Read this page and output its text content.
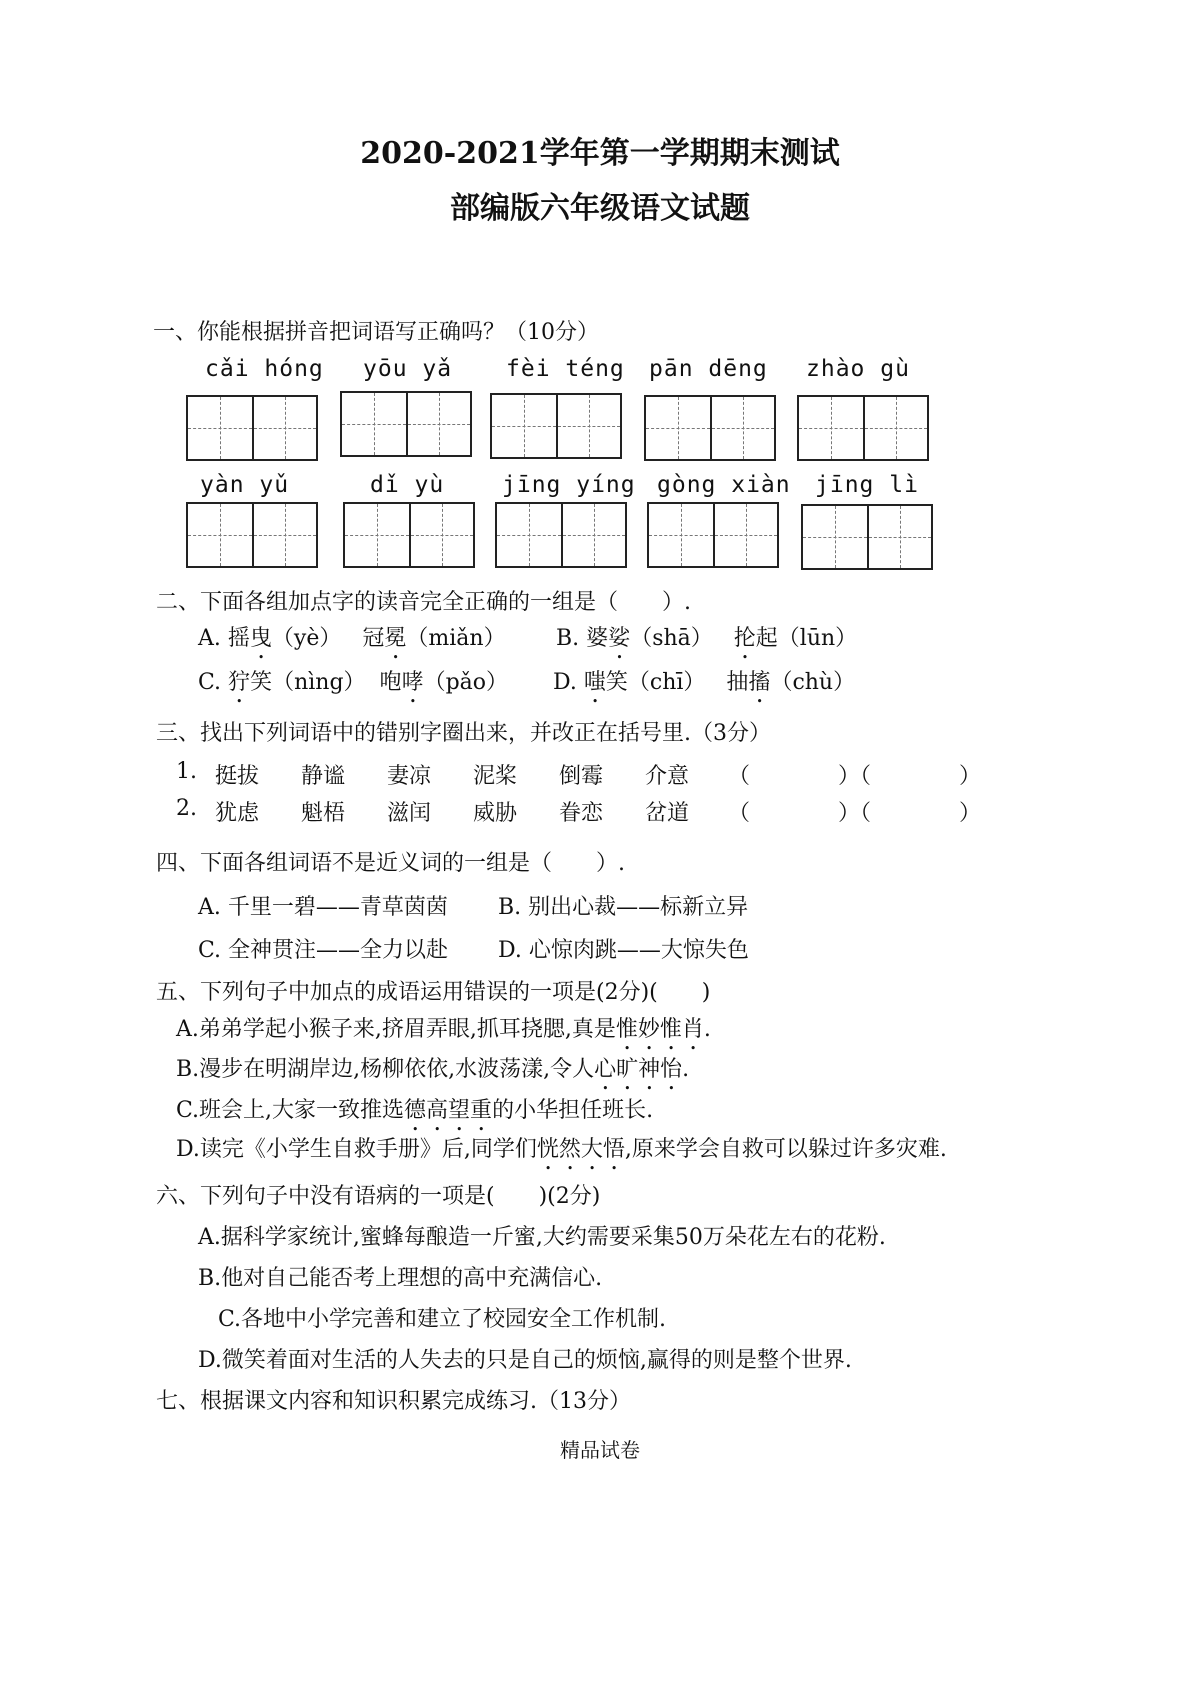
2020-2021学年第一学期期末测试
部编版六年级语文试题
一、你能根据拼音把词语写正确吗？（10分）
cǎi hóng yōu yǎ fèi téng pān dēng zhào gù
yàn yǔ	dǐ yù	jīng yíng gòng xiàn jīng lì
二、下面各组加点字的读音完全正确的一组是（　　）.
A. 摇曳（yè） 冠冕（miǎn） B. 婆娑（shā） 抡起（lūn）
C. 狞笑（nìng） 咆哮（pǎo） D. 嗤笑（chī） 抽搐（chù）
三、找出下列词语中的错别字圈出来，并改正在括号里.（3分）
1. 挺拔 静谧 妻凉 泥桨 倒霉 介意	（　　　　）（　　　　）
2. 犹虑 魁梧 滋闰 威胁 眷恋 岔道	（　　　　）（　　　　）
四、下面各组词语不是近义词的一组是（　　）.
A. 千里一碧——青草茵茵 B. 别出心裁——标新立异
C. 全神贯注——全力以赴 D. 心惊肉跳——大惊失色
五、下列句子中加点的成语运用错误的一项是(2分)(　　)
A.弟弟学起小猴子来,挤眉弄眼,抓耳挠腮,真是惟妙惟肖.
B.漫步在明湖岸边,杨柳依依,水波荡漾,令人心旷神怡.
C.班会上,大家一致推选德高望重的小华担任班长.
D.读完《小学生自救手册》后,同学们恍然大悟,原来学会自救可以躲过许多灾难.
六、下列句子中没有语病的一项是(　　)(2分)
A.据科学家统计,蜜蜂每酿造一斤蜜,大约需要采集50万朵花左右的花粉.
B.他对自己能否考上理想的高中充满信心.
C.各地中小学完善和建立了校园安全工作机制.
D.微笑着面对生活的人失去的只是自己的烦恼,赢得的则是整个世界.
七、根据课文内容和知识积累完成练习.（13分）
精品试卷
